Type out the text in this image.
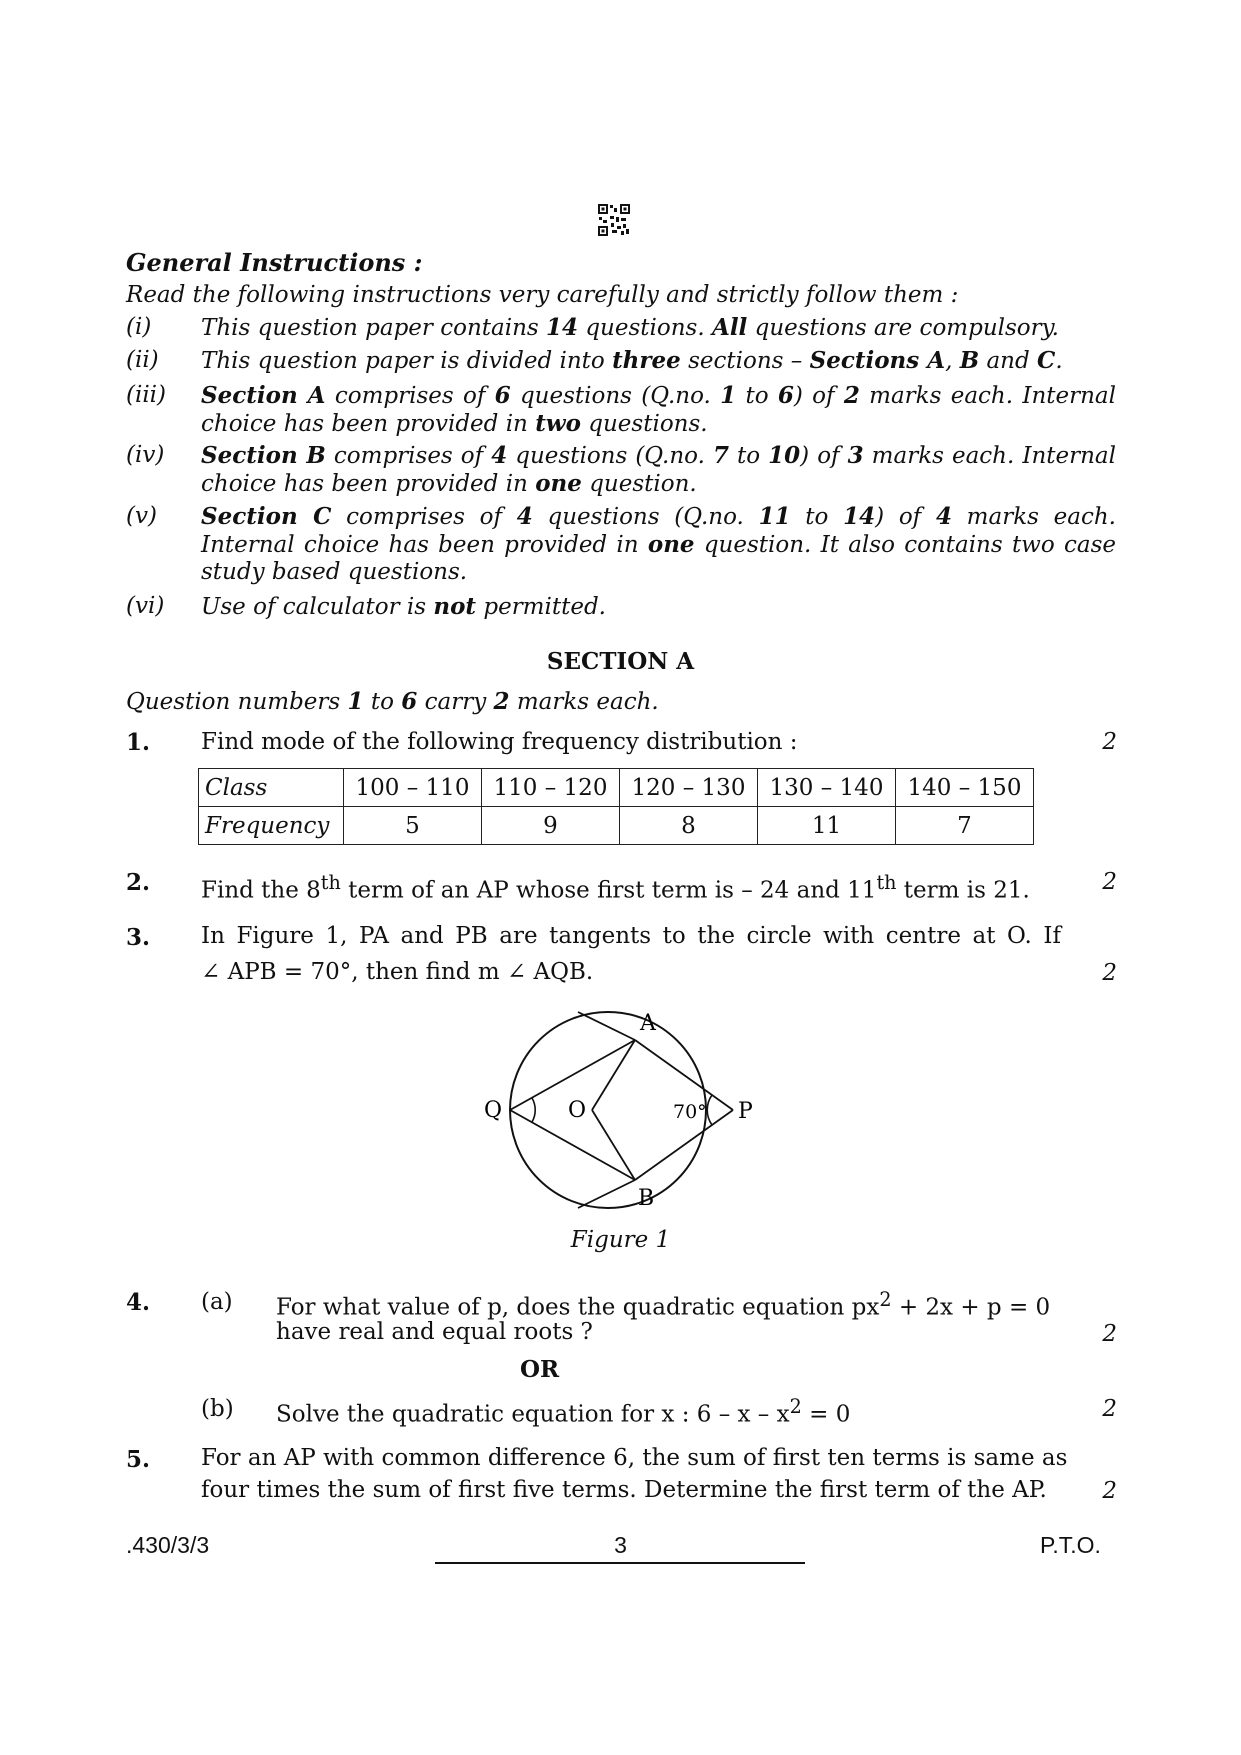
General Instructions :
Read the following instructions very carefully and strictly follow them :
(i) This question paper contains 14 questions. All questions are compulsory.
(ii) This question paper is divided into three sections – Sections A, B and C.
(iii) Section A comprises of 6 questions (Q.no. 1 to 6) of 2 marks each. Internal choice has been provided in two questions.
(iv) Section B comprises of 4 questions (Q.no. 7 to 10) of 3 marks each. Internal choice has been provided in one question.
(v) Section C comprises of 4 questions (Q.no. 11 to 14) of 4 marks each. Internal choice has been provided in one question. It also contains two case study based questions.
(vi) Use of calculator is not permitted.
SECTION A
Question numbers 1 to 6 carry 2 marks each.
1. Find mode of the following frequency distribution :	2
Class	100 – 110	110 – 120	120 – 130	130 – 140	140 – 150
Frequency	5	9	8	11	7
2. Find the 8th term of an AP whose first term is – 24 and 11th term is 21.	2
3. In Figure 1, PA and PB are tangents to the circle with centre at O. If
∠ APB = 70°, then find m ∠ AQB.	2
A
B
P
Q	O	70°
Figure 1
4. (a) For what value of p, does the quadratic equation $px^2 + 2x + p = 0$
have real and equal roots ?	2
OR
(b) Solve the quadratic equation for x : $6 - x - x^2 = 0$	2
5. For an AP with common difference 6, the sum of first ten terms is same as
four times the sum of first five terms. Determine the first term of the AP.	2
.430/3/3	3	P.T.O.
